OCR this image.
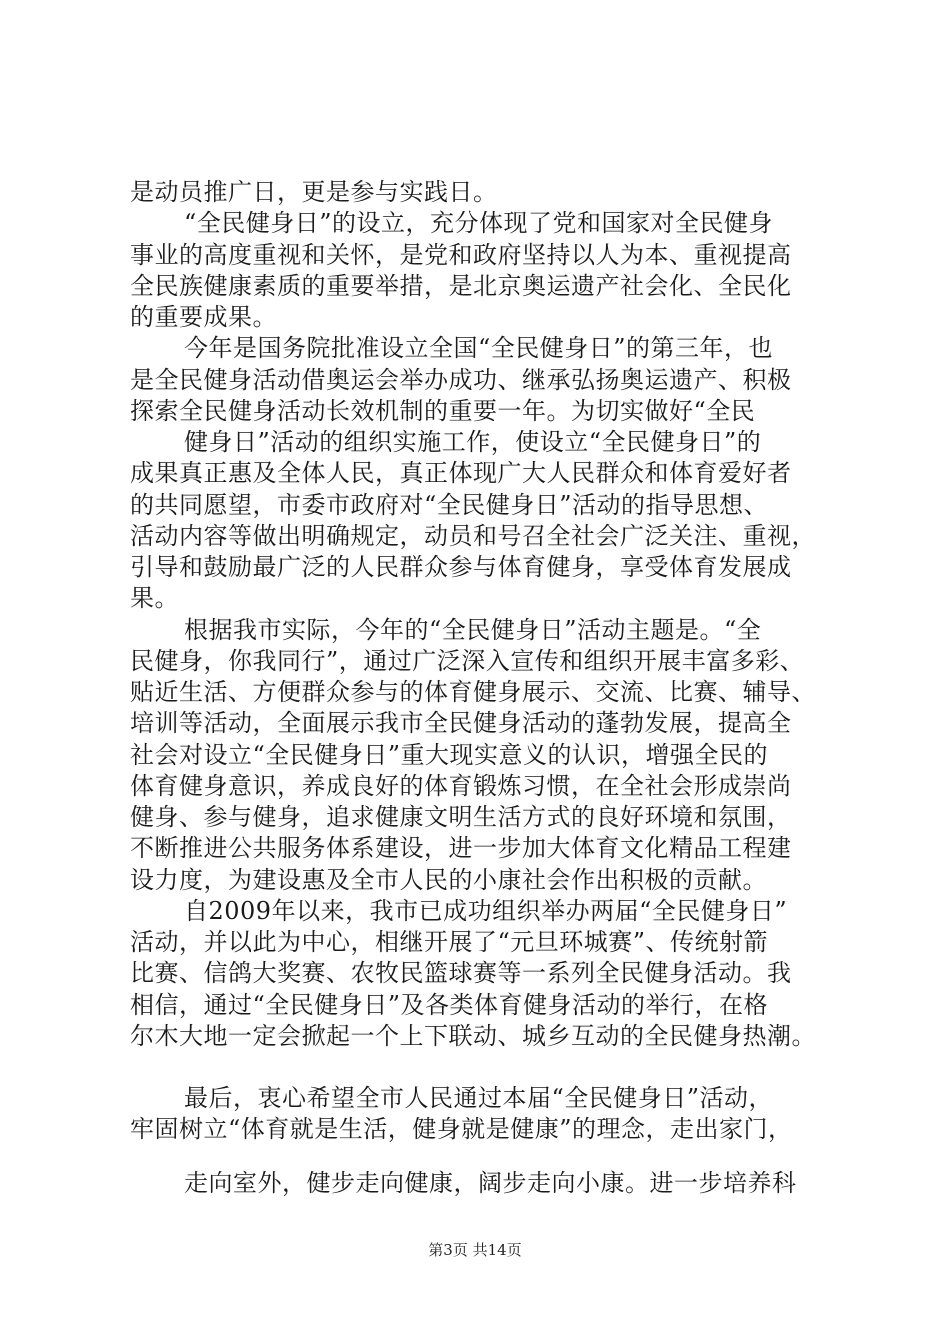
是动员推广日，更是参与实践日。
“全民健身日”的设立，充分体现了党和国家对全民健身
事业的高度重视和关怀，是党和政府坚持以人为本、重视提高
全民族健康素质的重要举措，是北京奥运遗产社会化、全民化
的重要成果。
今年是国务院批准设立全国“全民健身日”的第三年，也
是全民健身活动借奥运会举办成功、继承弘扬奥运遗产、积极
探索全民健身活动长效机制的重要一年。为切实做好“全民
健身日”活动的组织实施工作，使设立“全民健身日”的
成果真正惠及全体人民，真正体现广大人民群众和体育爱好者
的共同愿望，市委市政府对“全民健身日”活动的指导思想、
活动内容等做出明确规定，动员和号召全社会广泛关注、重视，
引导和鼓励最广泛的人民群众参与体育健身，享受体育发展成
果。
根据我市实际，今年的“全民健身日”活动主题是。“全
民健身，你我同行”，通过广泛深入宣传和组织开展丰富多彩、
贴近生活、方便群众参与的体育健身展示、交流、比赛、辅导、
培训等活动，全面展示我市全民健身活动的蓬勃发展，提高全
社会对设立“全民健身日”重大现实意义的认识，增强全民的
体育健身意识，养成良好的体育锻炼习惯，在全社会形成崇尚
健身、参与健身，追求健康文明生活方式的良好环境和氛围，
不断推进公共服务体系建设，进一步加大体育文化精品工程建
设力度，为建设惠及全市人民的小康社会作出积极的贡献。
自2009年以来，我市已成功组织举办两届“全民健身日”
活动，并以此为中心，相继开展了“元旦环城赛”、传统射箭
比赛、信鸽大奖赛、农牧民篮球赛等一系列全民健身活动。我
相信，通过“全民健身日”及各类体育健身活动的举行，在格
尔木大地一定会掀起一个上下联动、城乡互动的全民健身热潮。
最后，衷心希望全市人民通过本届“全民健身日”活动，
牢固树立“体育就是生活，健身就是健康”的理念，走出家门，
走向室外，健步走向健康，阔步走向小康。进一步培养科
第3页 共14页
